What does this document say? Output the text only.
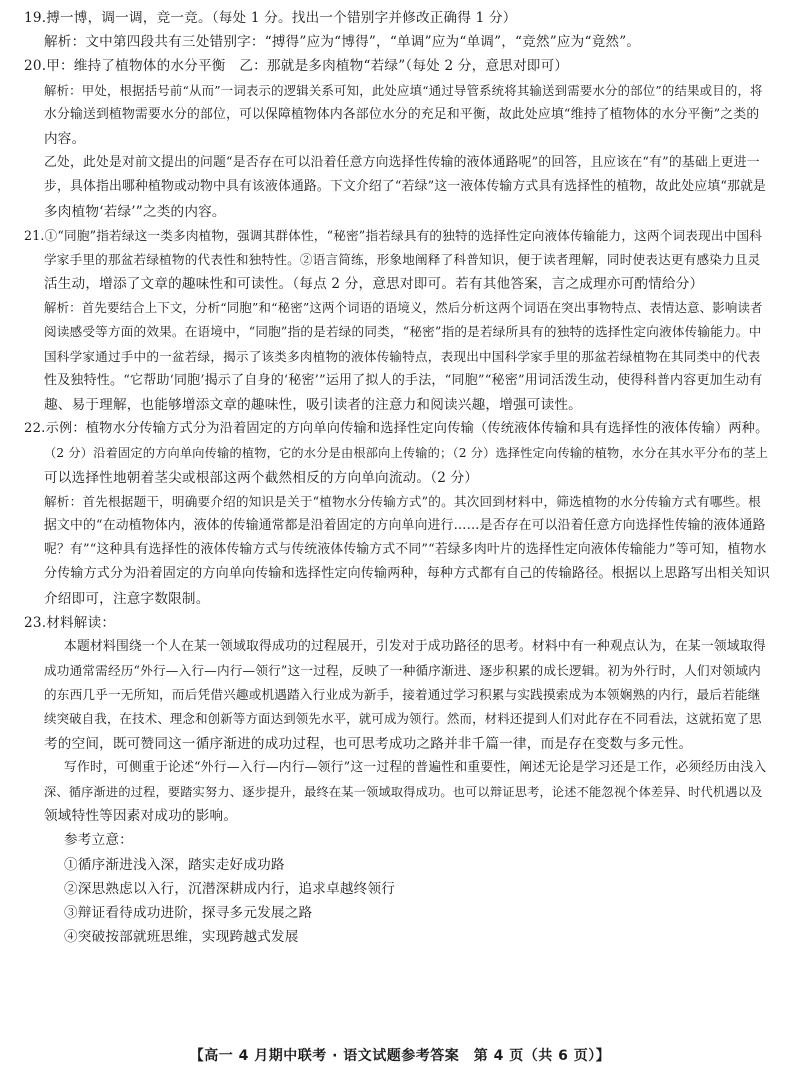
19.搏一博，调一调，竞一竞。（每处 1 分。找出一个错别字并修改正确得 1 分）
解析：文中第四段共有三处错别字：“搏得”应为“博得”，“单调”应为“单调”，“竞然”应为“竟然”。
20.甲：维持了植物体的水分平衡　乙：那就是多肉植物“若绿”（每处 2 分，意思对即可）
解析：甲处，根据括号前“从而”一词表示的逻辑关系可知，此处应填“通过导管系统将其输送到需要水分的部位”的结果或目的，将
水分输送到植物需要水分的部位，可以保障植物体内各部位水分的充足和平衡，故此处应填“维持了植物体的水分平衡”之类的
内容。
乙处，此处是对前文提出的问题“是否存在可以沿着任意方向选择性传输的液体通路呢”的回答，且应该在“有”的基础上更进一
步，具体指出哪种植物或动物中具有该液体通路。下文介绍了“若绿”这一液体传输方式具有选择性的植物，故此处应填“那就是
多肉植物‘若绿’”之类的内容。
21.①“同胞”指若绿这一类多肉植物，强调其群体性，“秘密”指若绿具有的独特的选择性定向液体传输能力，这两个词表现出中国科
学家手里的那盆若绿植物的代表性和独特性。②语言简练，形象地阐释了科普知识，便于读者理解，同时使表达更有感染力且灵
活生动，增添了文章的趣味性和可读性。（每点 2 分，意思对即可。若有其他答案，言之成理亦可酌情给分）
解析：首先要结合上下文，分析“同胞”和“秘密”这两个词语的语境义，然后分析这两个词语在突出事物特点、表情达意、影响读者
阅读感受等方面的效果。在语境中，“同胞”指的是若绿的同类，“秘密”指的是若绿所具有的独特的选择性定向液体传输能力。中
国科学家通过手中的一盆若绿，揭示了该类多肉植物的液体传输特点，表现出中国科学家手里的那盆若绿植物在其同类中的代表
性及独特性。“它帮助‘同胞’揭示了自身的‘秘密’”运用了拟人的手法，“同胞”“秘密”用词活泼生动，使得科普内容更加生动有
趣、易于理解，也能够增添文章的趣味性，吸引读者的注意力和阅读兴趣，增强可读性。
22.示例：植物水分传输方式分为沿着固定的方向单向传输和选择性定向传输（传统液体传输和具有选择性的液体传输）两种。
（2 分）沿着固定的方向单向传输的植物，它的水分是由根部向上传输的；（2 分）选择性定向传输的植物，水分在其水平分布的茎上
可以选择性地朝着茎尖或根部这两个截然相反的方向单向流动。（2 分）
解析：首先根据题干，明确要介绍的知识是关于“植物水分传输方式”的。其次回到材料中，筛选植物的水分传输方式有哪些。根
据文中的“在动植物体内，液体的传输通常都是沿着固定的方向单向进行……是否存在可以沿着任意方向选择性传输的液体通路
呢？有”“这种具有选择性的液体传输方式与传统液体传输方式不同”“若绿多肉叶片的选择性定向液体传输能力”等可知，植物水
分传输方式分为沿着固定的方向单向传输和选择性定向传输两种，每种方式都有自己的传输路径。根据以上思路写出相关知识
介绍即可，注意字数限制。
23.材料解读：
本题材料围绕一个人在某一领域取得成功的过程展开，引发对于成功路径的思考。材料中有一种观点认为，在某一领域取得
成功通常需经历“外行—入行—内行—领行”这一过程，反映了一种循序渐进、逐步积累的成长逻辑。初为外行时，人们对领域内
的东西几乎一无所知，而后凭借兴趣或机遇踏入行业成为新手，接着通过学习积累与实践摸索成为本领娴熟的内行，最后若能继
续突破自我，在技术、理念和创新等方面达到领先水平，就可成为领行。然而，材料还提到人们对此存在不同看法，这就拓宽了思
考的空间，既可赞同这一循序渐进的成功过程，也可思考成功之路并非千篇一律，而是存在变数与多元性。
写作时，可侧重于论述“外行—入行—内行—领行”这一过程的普遍性和重要性，阐述无论是学习还是工作，必须经历由浅入
深、循序渐进的过程，要踏实努力、逐步提升，最终在某一领域取得成功。也可以辩证思考，论述不能忽视个体差异、时代机遇以及
领域特性等因素对成功的影响。
参考立意：
①循序渐进浅入深，踏实走好成功路
②深思熟虑以入行，沉潜深耕成内行，追求卓越终领行
③辩证看待成功进阶，探寻多元发展之路
④突破按部就班思维，实现跨越式发展
【高一 4 月期中联考 · 语文试题参考答案　第 4 页（共 6 页）】
